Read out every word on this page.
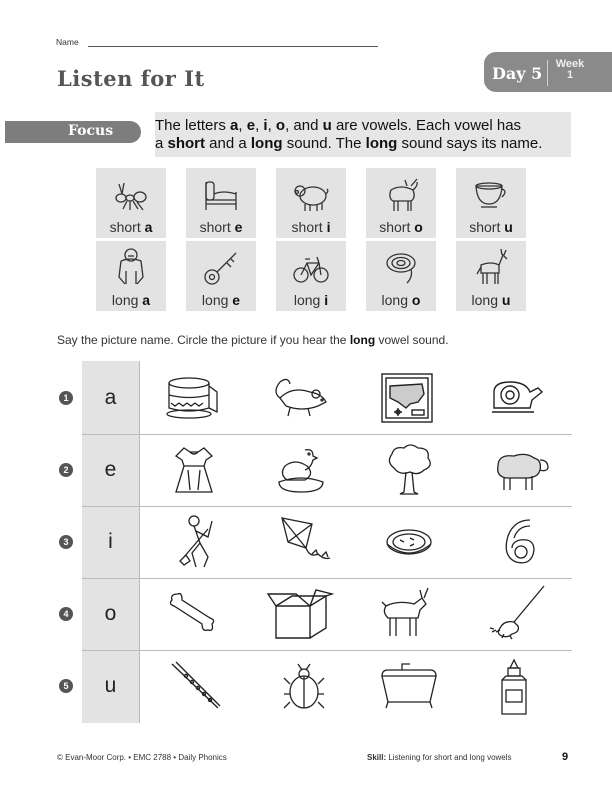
Name
Listen for It	Day 5	Week
1
Focus	The letters a, e, i, o, and u are vowels. Each vowel has
a short and a long sound. The long sound says its name.
short a	short e	short i	short o	short u
long a	long e	long i	long o	long u
Say the picture name. Circle the picture if you hear the long vowel sound.
1	a
2	e
3	i
4	o
5	u
© Evan-Moor Corp. • EMC 2788 • Daily Phonics	Skill: Listening for short and long vowels	9
